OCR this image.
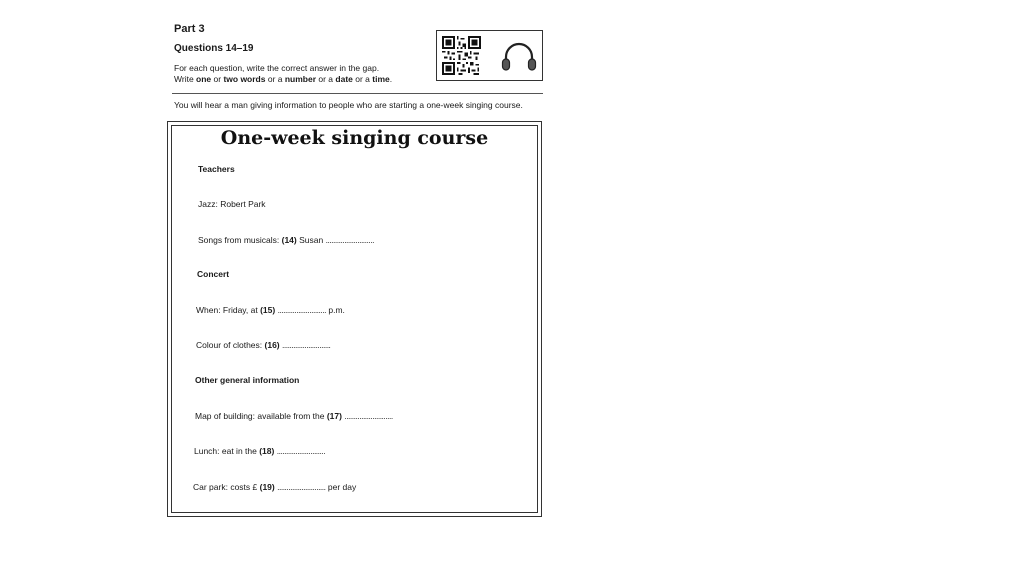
Part 3
Questions 14–19
For each question, write the correct answer in the gap.
Write one or two words or a number or a date or a time.
You will hear a man giving information to people who are starting a one-week singing course.
One-week singing course
Teachers
Jazz: Robert Park
Songs from musicals: (14) Susan ..........................
Concert
When: Friday, at (15) .......................... p.m.
Colour of clothes: (16) ..........................
Other general information
Map of building: available from the (17) ..........................
Lunch: eat in the (18) ..........................
Car park: costs £ (19) .......................... per day
